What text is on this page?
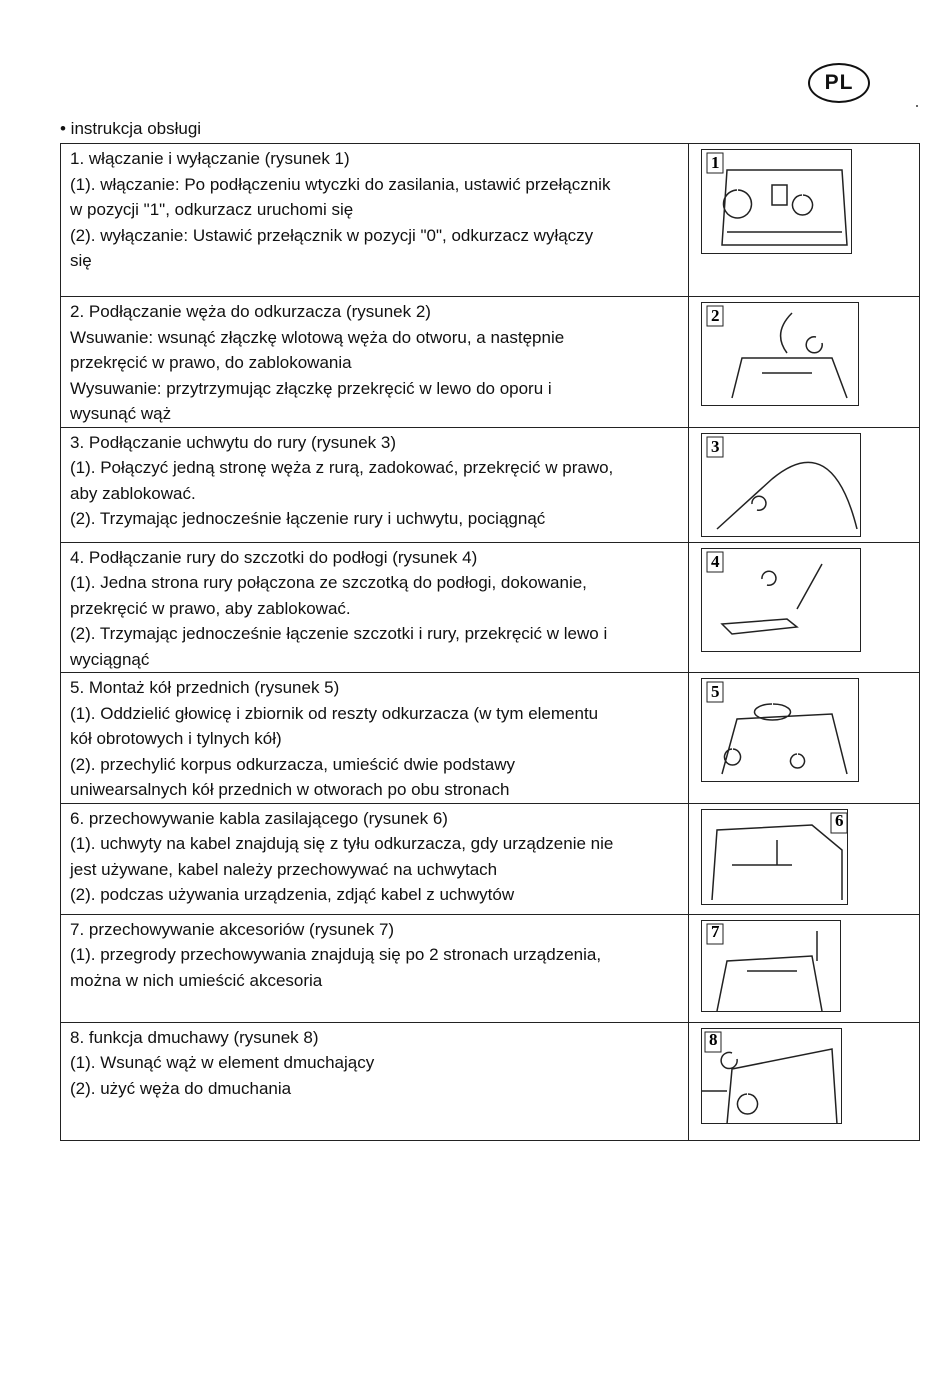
PL
• instrukcja obsługi
1. włączanie i wyłączanie (rysunek 1)
(1). włączanie: Po podłączeniu wtyczki do zasilania, ustawić przełącznik
w pozycji "1", odkurzacz uruchomi się
(2). wyłączanie: Ustawić przełącznik w pozycji "0", odkurzacz wyłączy
się	1

2. Podłączanie węża do odkurzacza (rysunek 2)
Wsuwanie: wsunąć złączkę wlotową węża do otworu, a następnie
przekręcić w prawo, do zablokowania
Wysuwanie: przytrzymując złączkę przekręcić w lewo do oporu i
wysunąć wąż	2

3. Podłączanie uchwytu do rury (rysunek 3)
(1). Połączyć jedną stronę węża z rurą, zadokować, przekręcić w prawo,
aby zablokować.
(2). Trzymając jednocześnie łączenie rury i uchwytu, pociągnąć	3

4. Podłączanie rury do szczotki do podłogi (rysunek 4)
(1). Jedna strona rury połączona ze szczotką do podłogi, dokowanie,
przekręcić w prawo, aby zablokować.
(2). Trzymając jednocześnie łączenie szczotki i rury, przekręcić w lewo i
wyciągnąć	4

5. Montaż kół przednich (rysunek 5)
(1). Oddzielić głowicę i zbiornik od reszty odkurzacza (w tym elementu
kół obrotowych i tylnych kół)
(2). przechylić korpus odkurzacza, umieścić dwie podstawy
uniwearsalnych kół przednich w otworach po obu stronach	5

6. przechowywanie kabla zasilającego (rysunek 6)
(1). uchwyty na kabel znajdują się z tyłu odkurzacza, gdy urządzenie nie
jest używane, kabel należy przechowywać na uchwytach
(2). podczas używania urządzenia, zdjąć kabel z uchwytów	6

7. przechowywanie akcesoriów (rysunek 7)
(1). przegrody przechowywania znajdują się po 2 stronach urządzenia,
można w nich umieścić akcesoria	7

8. funkcja dmuchawy (rysunek 8)
(1). Wsunąć wąż w element dmuchający
(2). użyć węża do dmuchania	8
